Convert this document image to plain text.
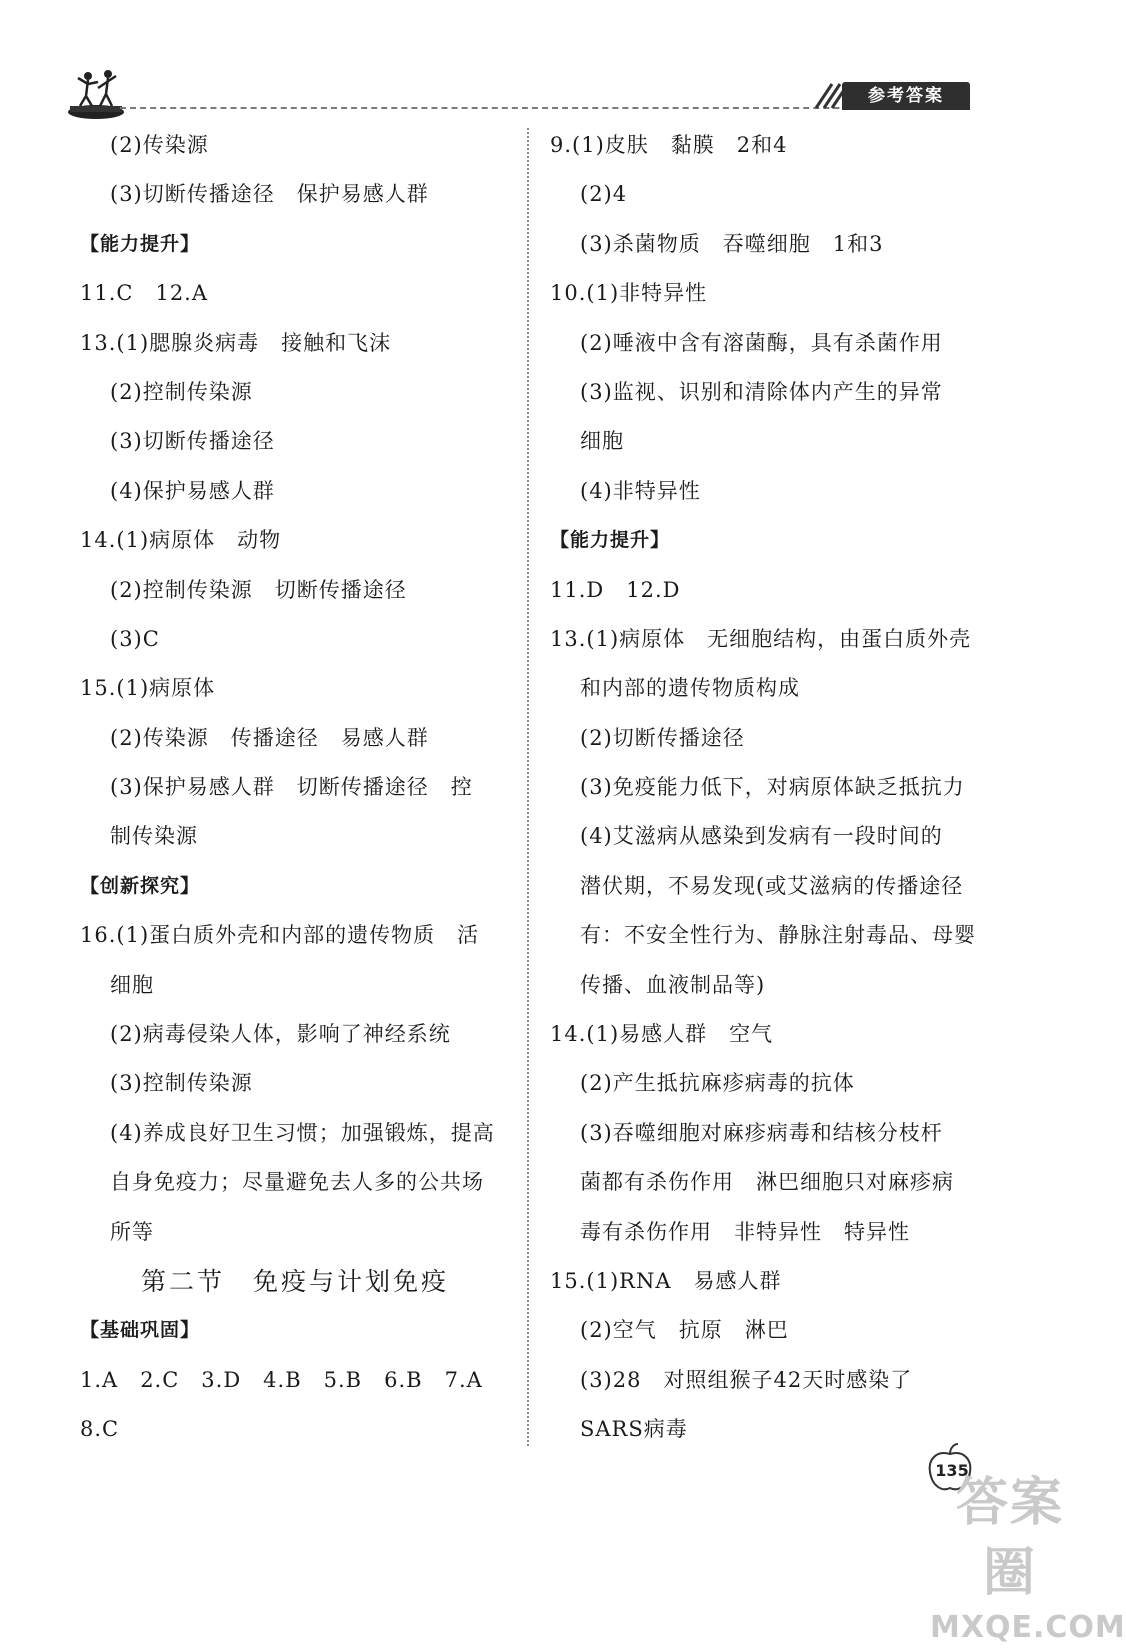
参考答案
(2)传染源
(3)切断传播途径　保护易感人群
【能力提升】
11.C　12.A
13.(1)腮腺炎病毒　接触和飞沫
(2)控制传染源
(3)切断传播途径
(4)保护易感人群
14.(1)病原体　动物
(2)控制传染源　切断传播途径
(3)C
15.(1)病原体
(2)传染源　传播途径　易感人群
(3)保护易感人群　切断传播途径　控
制传染源
【创新探究】
16.(1)蛋白质外壳和内部的遗传物质　活
细胞
(2)病毒侵染人体，影响了神经系统
(3)控制传染源
(4)养成良好卫生习惯；加强锻炼，提高
自身免疫力；尽量避免去人多的公共场
所等
第二节　免疫与计划免疫
【基础巩固】
1.A　2.C　3.D　4.B　5.B　6.B　7.A
8.C
9.(1)皮肤　黏膜　2和4
(2)4
(3)杀菌物质　吞噬细胞　1和3
10.(1)非特异性
(2)唾液中含有溶菌酶，具有杀菌作用
(3)监视、识别和清除体内产生的异常
细胞
(4)非特异性
【能力提升】
11.D　12.D
13.(1)病原体　无细胞结构，由蛋白质外壳
和内部的遗传物质构成
(2)切断传播途径
(3)免疫能力低下，对病原体缺乏抵抗力
(4)艾滋病从感染到发病有一段时间的
潜伏期，不易发现(或艾滋病的传播途径
有：不安全性行为、静脉注射毒品、母婴
传播、血液制品等)
14.(1)易感人群　空气
(2)产生抵抗麻疹病毒的抗体
(3)吞噬细胞对麻疹病毒和结核分枝杆
菌都有杀伤作用　淋巴细胞只对麻疹病
毒有杀伤作用　非特异性　特异性
15.(1)RNA　易感人群
(2)空气　抗原　淋巴
(3)28　对照组猴子42天时感染了
SARS病毒
135
答案圈
MXQE.COM
